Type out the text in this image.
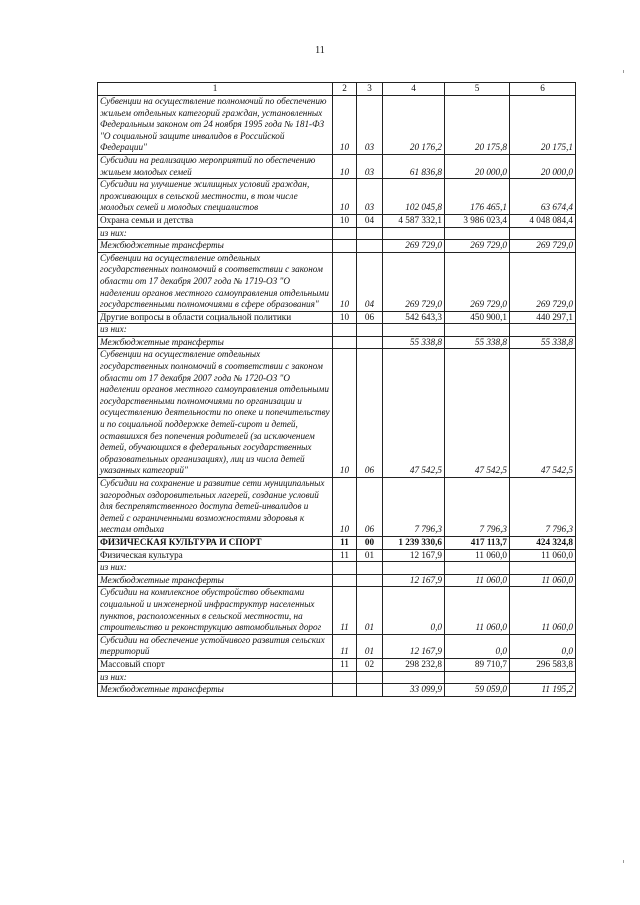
11
1	2	3	4	5	6
Субвенции на осуществление полномочий по обеспечению жильем отдельных категорий граждан, установленных Федеральным законом от 24 ноября 1995 года № 181-ФЗ "О социальной защите инвалидов в Российской Федерации"	10	03	20 176,2	20 175,8	20 175,1
Субсидии на реализацию мероприятий по обеспечению жильем молодых семей	10	03	61 836,8	20 000,0	20 000,0
Субсидии на улучшение жилищных условий граждан, проживающих в сельской местности, в том числе молодых семей и молодых специалистов	10	03	102 045,8	176 465,1	63 674,4
Охрана семьи и детства	10	04	4 587 332,1	3 986 023,4	4 048 084,4
из них:					
Межбюджетные трансферты			269 729,0	269 729,0	269 729,0
Субвенции на осуществление отдельных государственных полномочий в соответствии с законом области от 17 декабря 2007 года № 1719-ОЗ "О наделении органов местного самоуправления отдельными государственными полномочиями в сфере образования"	10	04	269 729,0	269 729,0	269 729,0
Другие вопросы в области социальной политики	10	06	542 643,3	450 900,1	440 297,1
из них:					
Межбюджетные трансферты			55 338,8	55 338,8	55 338,8
Субвенции на осуществление отдельных государственных полномочий в соответствии с законом области от 17 декабря 2007 года № 1720-ОЗ "О наделении органов местного самоуправления отдельными государственными полномочиями по организации и осуществлению деятельности по опеке и попечительству и по социальной поддержке детей-сирот и детей, оставшихся без попечения родителей (за исключением детей, обучающихся в федеральных государственных образовательных организациях), лиц из числа детей указанных категорий"	10	06	47 542,5	47 542,5	47 542,5
Субсидии на сохранение и развитие сети муниципальных загородных оздоровительных лагерей, создание условий для беспрепятственного доступа детей-инвалидов и детей с ограниченными возможностями здоровья к местам отдыха	10	06	7 796,3	7 796,3	7 796,3
ФИЗИЧЕСКАЯ КУЛЬТУРА И СПОРТ	11	00	1 239 330,6	417 113,7	424 324,8
Физическая культура	11	01	12 167,9	11 060,0	11 060,0
из них:					
Межбюджетные трансферты			12 167,9	11 060,0	11 060,0
Субсидии на комплексное обустройство объектами социальной и инженерной инфраструктур населенных пунктов, расположенных в сельской местности, на строительство и реконструкцию автомобильных дорог	11	01	0,0	11 060,0	11 060,0
Субсидии на обеспечение устойчивого развития сельских территорий	11	01	12 167,9	0,0	0,0
Массовый спорт	11	02	298 232,8	89 710,7	296 583,8
из них:					
Межбюджетные трансферты			33 099,9	59 059,0	11 195,2
